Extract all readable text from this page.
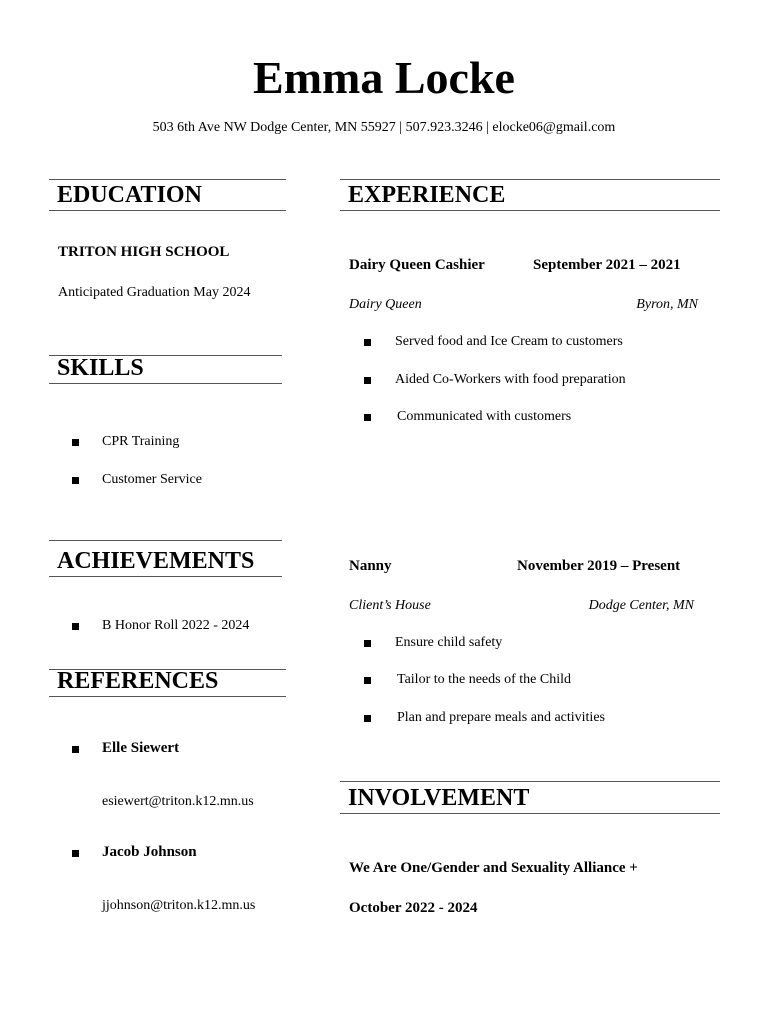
Emma Locke
503 6th Ave NW Dodge Center, MN 55927 | 507.923.3246 | elocke06@gmail.com
EDUCATION
TRITON HIGH SCHOOL
Anticipated Graduation May 2024
SKILLS
CPR Training
Customer Service
ACHIEVEMENTS
B Honor Roll 2022 - 2024
REFERENCES
Elle Siewert
esiewert@triton.k12.mn.us
Jacob Johnson
jjohnson@triton.k12.mn.us
EXPERIENCE
Dairy Queen Cashier	September 2021 – 2021
Dairy Queen	Byron, MN
Served food and Ice Cream to customers
Aided Co-Workers with food preparation
Communicated with customers
Nanny	November 2019 – Present
Client’s House	Dodge Center, MN
Ensure child safety
Tailor to the needs of the Child
Plan and prepare meals and activities
INVOLVEMENT
We Are One/Gender and Sexuality Alliance +
October 2022 - 2024
